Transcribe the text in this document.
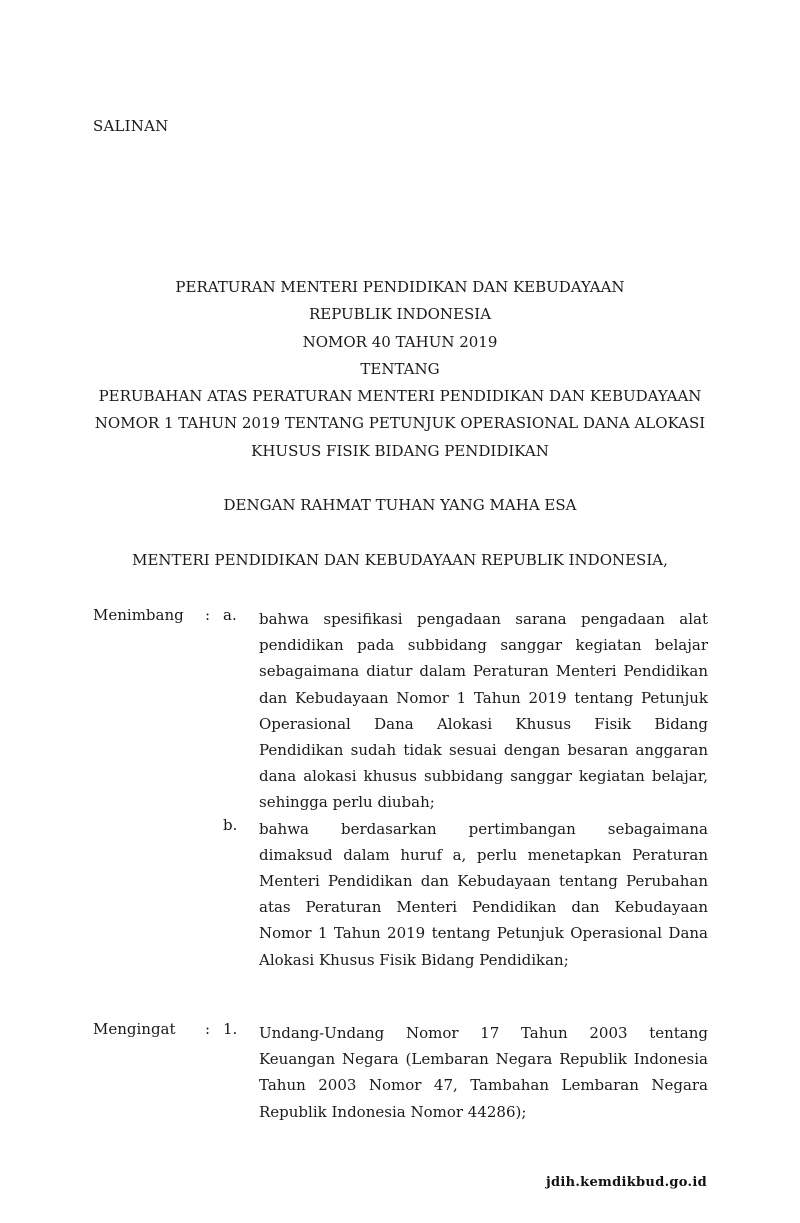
SALINAN
PERATURAN MENTERI PENDIDIKAN DAN KEBUDAYAAN
REPUBLIK INDONESIA
NOMOR 40 TAHUN 2019
TENTANG
PERUBAHAN ATAS PERATURAN MENTERI PENDIDIKAN DAN KEBUDAYAAN
NOMOR 1 TAHUN 2019 TENTANG PETUNJUK OPERASIONAL DANA ALOKASI
KHUSUS FISIK BIDANG PENDIDIKAN
DENGAN RAHMAT TUHAN YANG MAHA ESA
MENTERI PENDIDIKAN DAN KEBUDAYAAN REPUBLIK INDONESIA,
Menimbang : a. bahwa spesifikasi pengadaan sarana pengadaan alat
pendidikan pada subbidang sanggar kegiatan belajar
sebagaimana diatur dalam Peraturan Menteri Pendidikan
dan Kebudayaan Nomor 1 Tahun 2019 tentang Petunjuk
Operasional Dana Alokasi Khusus Fisik Bidang
Pendidikan sudah tidak sesuai dengan besaran anggaran
dana alokasi khusus subbidang sanggar kegiatan belajar,
sehingga perlu diubah;
b. bahwa berdasarkan pertimbangan sebagaimana
dimaksud dalam huruf a, perlu menetapkan Peraturan
Menteri Pendidikan dan Kebudayaan tentang Perubahan
atas Peraturan Menteri Pendidikan dan Kebudayaan
Nomor 1 Tahun 2019 tentang Petunjuk Operasional Dana
Alokasi Khusus Fisik Bidang Pendidikan;
Mengingat : 1. Undang-Undang Nomor 17 Tahun 2003 tentang
Keuangan Negara (Lembaran Negara Republik Indonesia
Tahun 2003 Nomor 47, Tambahan Lembaran Negara
Republik Indonesia Nomor 44286);
jdih.kemdikbud.go.id
